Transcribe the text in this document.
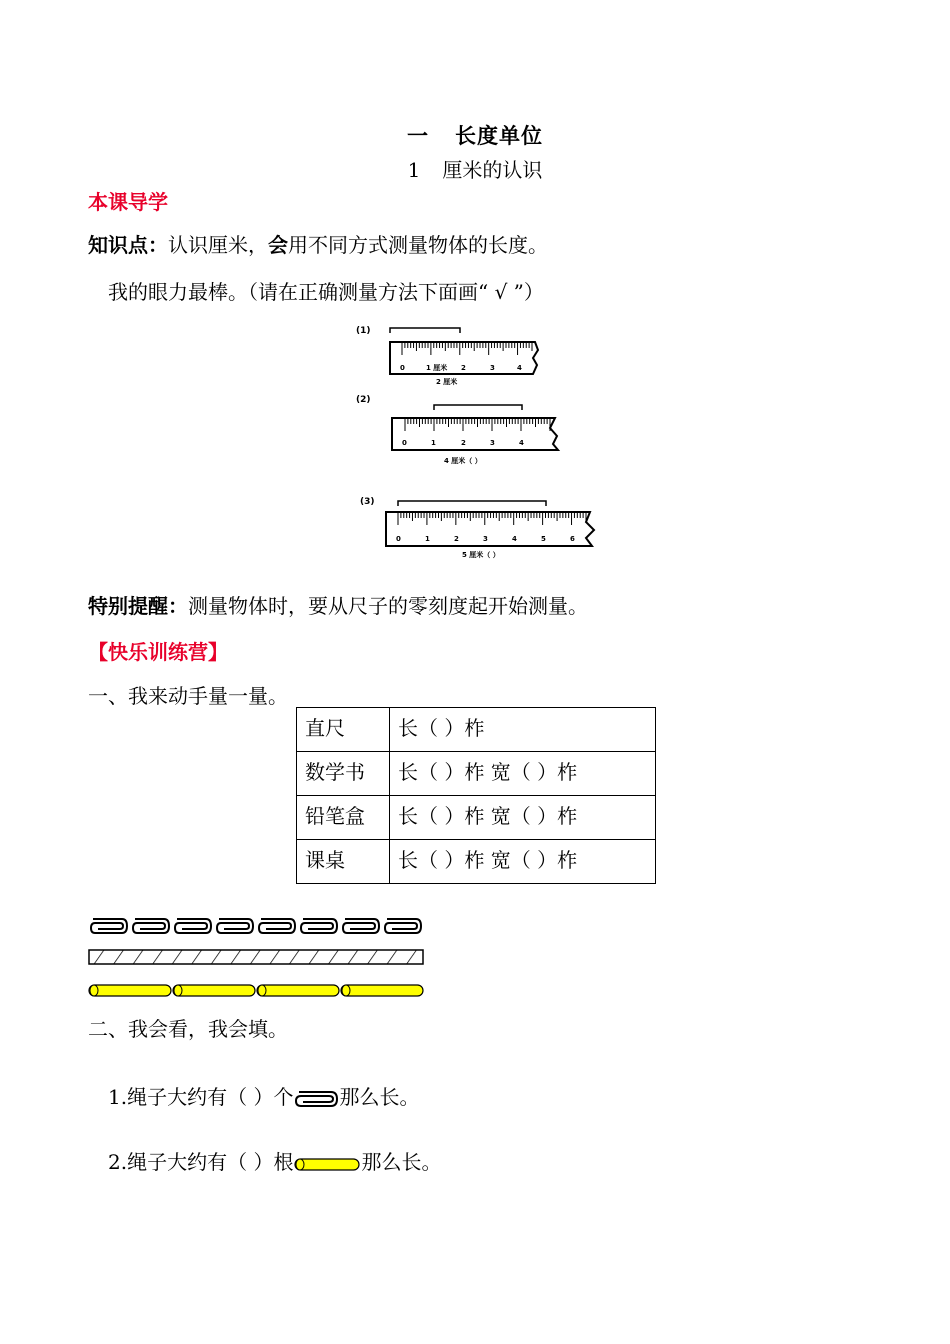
一 长度单位
1 厘米的认识
本课导学
知识点：认识厘米，会用不同方式测量物体的长度。
我的眼力最棒。（请在正确测量方法下面画“ √ ”）
(1)
0	1 厘米 2	3	4
2 厘米
(2)
0	1	2	3	4
4 厘米（ ）
(3)
0	1	2	3	4	5	6
5 厘米（ ）
特别提醒：测量物体时，要从尺子的零刻度起开始测量。
【快乐训练营】
一、我来动手量一量。
直尺	长（ ）柞
数学书	长（ ）柞 宽（ ）柞
铅笔盒	长（ ）柞 宽（ ）柞
课桌	长（ ）柞 宽（ ）柞
二、我会看，我会填。
1.绳子大约有（ ）个 那么长。
2.绳子大约有（ ）根	那么长。
